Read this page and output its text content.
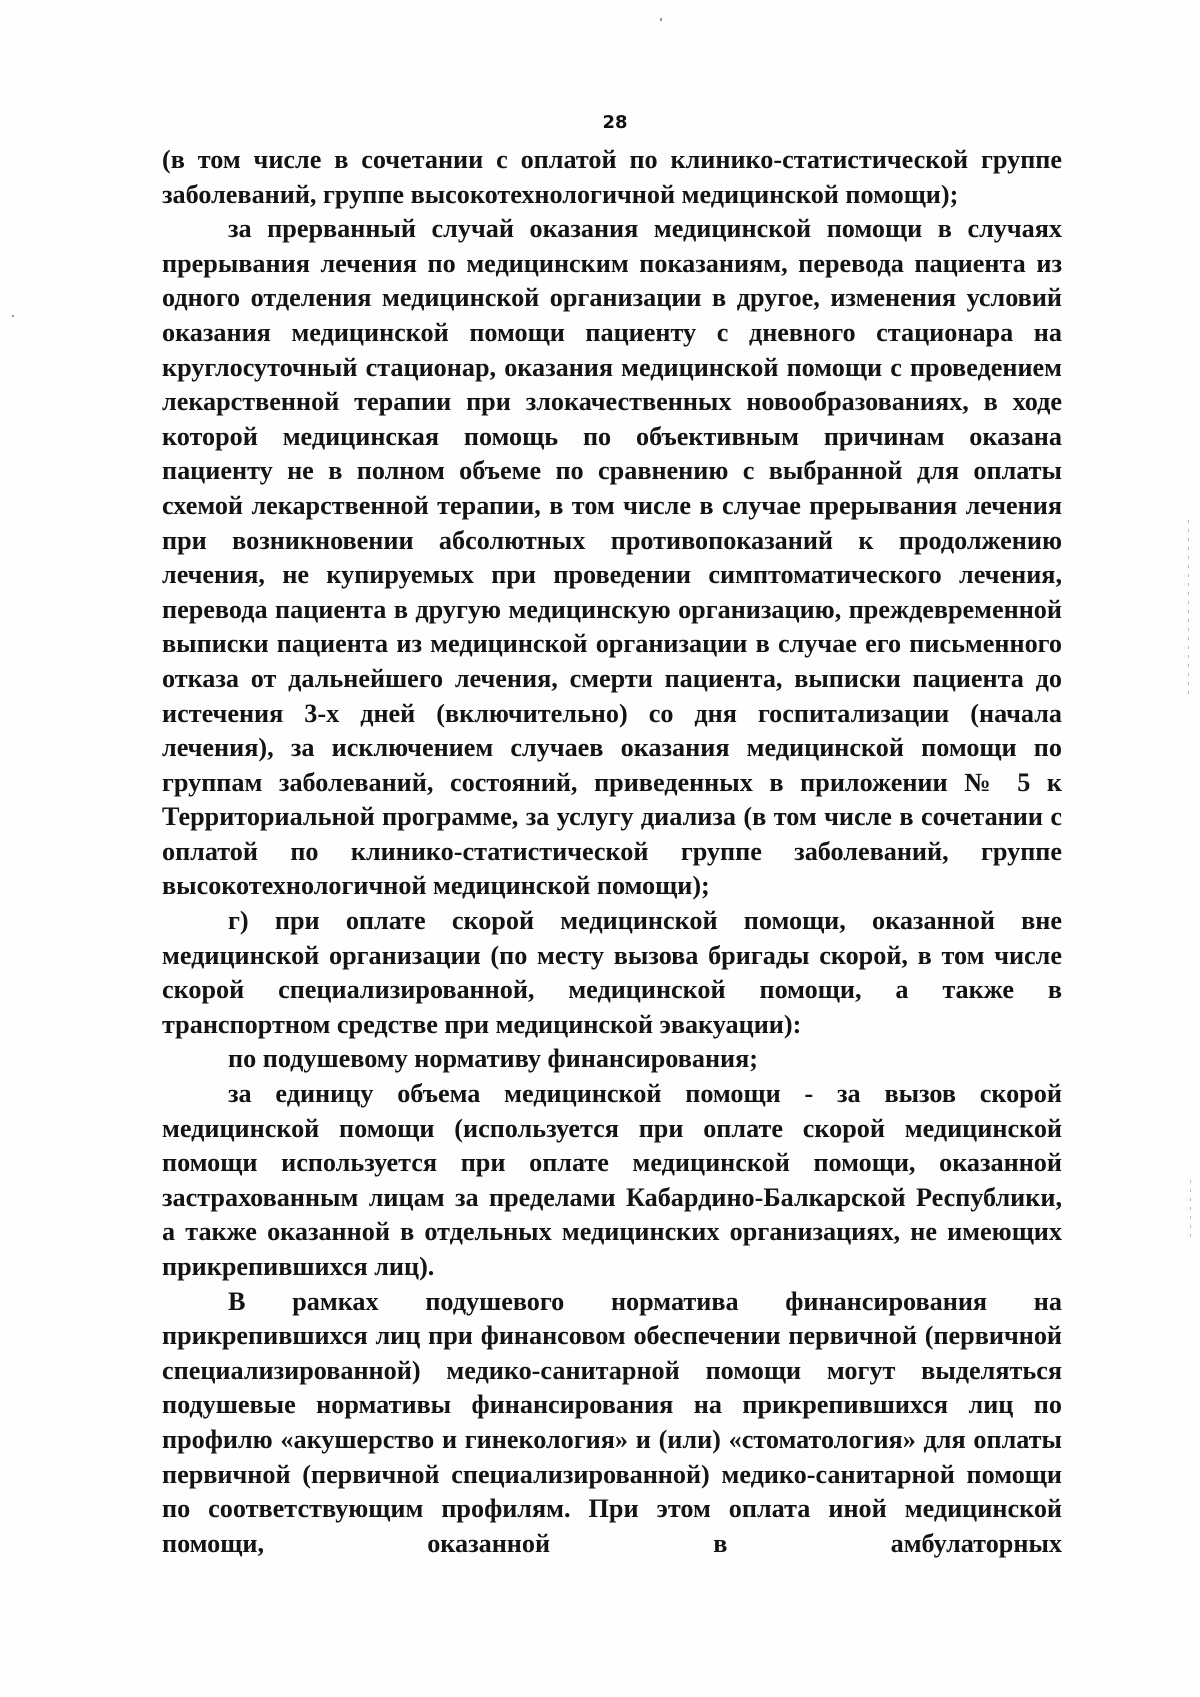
28

(в том числе в сочетании с оплатой по клинико-статистической группе заболеваний, группе высокотехнологичной медицинской помощи);

за прерванный случай оказания медицинской помощи в случаях прерывания лечения по медицинским показаниям, перевода пациента из одного отделения медицинской организации в другое, изменения условий оказания медицинской помощи пациенту с дневного стационара на круглосуточный стационар, оказания медицинской помощи с проведением лекарственной терапии при злокачественных новообразованиях, в ходе которой медицинская помощь по объективным причинам оказана пациенту не в полном объеме по сравнению с выбранной для оплаты схемой лекарственной терапии, в том числе в случае прерывания лечения при возникновении абсолютных противопоказаний к продолжению лечения, не купируемых при проведении симптоматического лечения, перевода пациента в другую медицинскую организацию, преждевременной выписки пациента из медицинской организации в случае его письменного отказа от дальнейшего лечения, смерти пациента, выписки пациента до истечения 3-х дней (включительно) со дня госпитализации (начала лечения), за исключением случаев оказания медицинской помощи по группам заболеваний, состояний, приведенных в приложении № 5 к Территориальной программе, за услугу диализа (в том числе в сочетании с оплатой по клинико-статистической группе заболеваний, группе высокотехнологичной медицинской помощи);

г) при оплате скорой медицинской помощи, оказанной вне медицинской организации (по месту вызова бригады скорой, в том числе скорой специализированной, медицинской помощи, а также в транспортном средстве при медицинской эвакуации):

по подушевому нормативу финансирования;

за единицу объема медицинской помощи - за вызов скорой медицинской помощи (используется при оплате скорой медицинской помощи используется при оплате медицинской помощи, оказанной застрахованным лицам за пределами Кабардино-Балкарской Республики, а также оказанной в отдельных медицинских организациях, не имеющих прикрепившихся лиц).

В рамках подушевого норматива финансирования на прикрепившихся лиц при финансовом обеспечении первичной (первичной специализированной) медико-санитарной помощи могут выделяться подушевые нормативы финансирования на прикрепившихся лиц по профилю «акушерство и гинекология» и (или) «стоматология» для оплаты первичной (первичной специализированной) медико-санитарной помощи по соответствующим профилям. При этом оплата иной медицинской помощи, оказанной в амбулаторных
